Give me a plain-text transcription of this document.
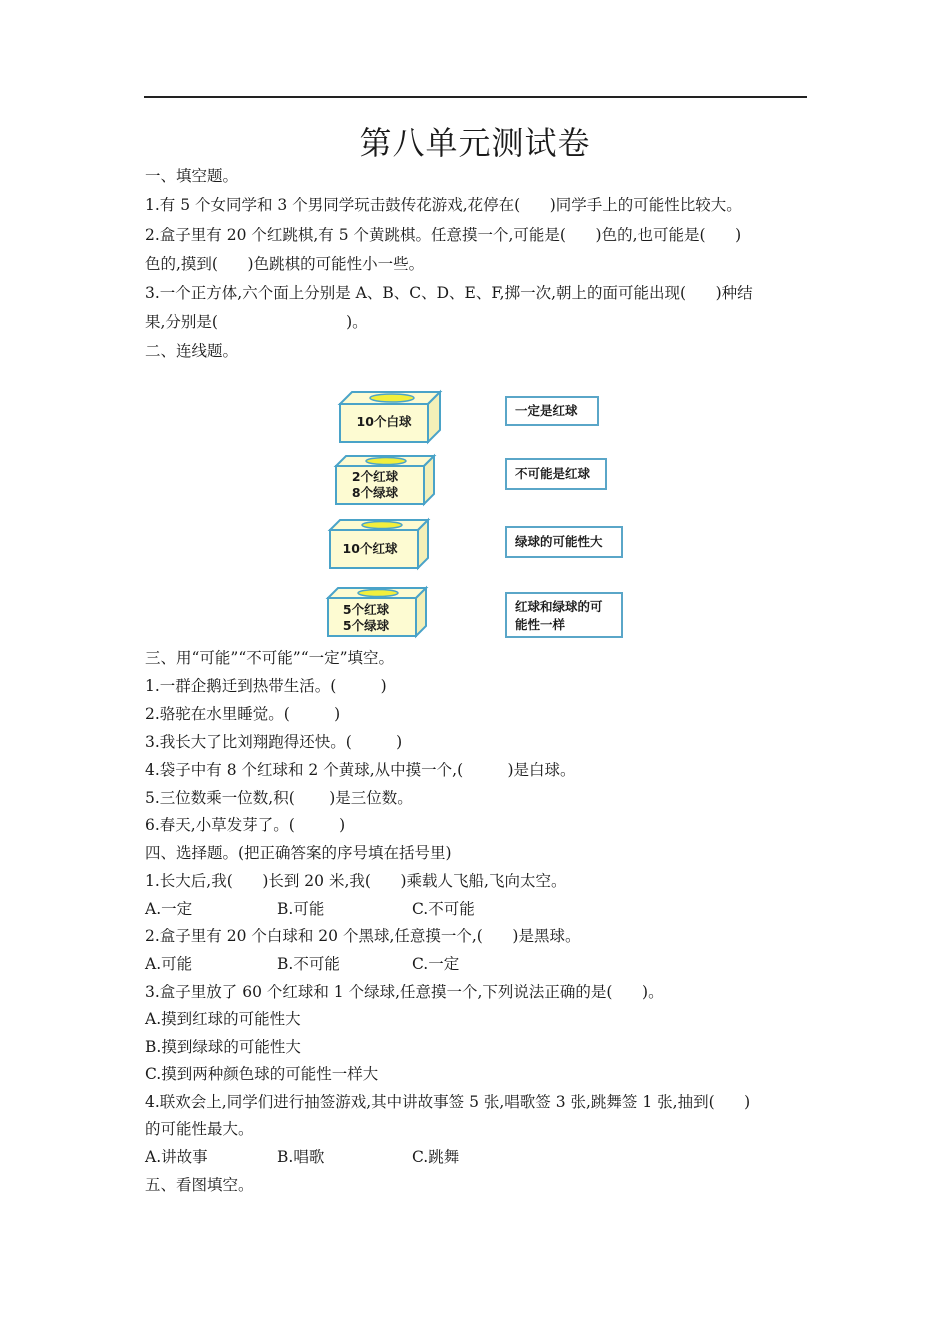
第八单元测试卷
一、填空题。
1.有 5 个女同学和 3 个男同学玩击鼓传花游戏,花停在(      )同学手上的可能性比较大。
2.盒子里有 20 个红跳棋,有 5 个黄跳棋。任意摸一个,可能是(      )色的,也可能是(      )
色的,摸到(      )色跳棋的可能性小一些。
3.一个正方体,六个面上分别是 A、B、C、D、E、F,掷一次,朝上的面可能出现(      )种结
果,分别是(                          )。
二、连线题。
10个白球
2个红球
8个绿球
10个红球
5个红球
5个绿球
一定是红球
不可能是红球
绿球的可能性大
红球和绿球的可
能性一样
三、用“可能”“不可能”“一定”填空。
1.一群企鹅迁到热带生活。(         )
2.骆驼在水里睡觉。(         )
3.我长大了比刘翔跑得还快。(         )
4.袋子中有 8 个红球和 2 个黄球,从中摸一个,(         )是白球。
5.三位数乘一位数,积(       )是三位数。
6.春天,小草发芽了。(         )
四、选择题。(把正确答案的序号填在括号里)
1.长大后,我(      )长到 20 米,我(      )乘载人飞船,飞向太空。
A.一定	B.可能	C.不可能
2.盒子里有 20 个白球和 20 个黑球,任意摸一个,(      )是黑球。
A.可能	B.不可能	C.一定
3.盒子里放了 60 个红球和 1 个绿球,任意摸一个,下列说法正确的是(      )。
A.摸到红球的可能性大
B.摸到绿球的可能性大
C.摸到两种颜色球的可能性一样大
4.联欢会上,同学们进行抽签游戏,其中讲故事签 5 张,唱歌签 3 张,跳舞签 1 张,抽到(      )
的可能性最大。
A.讲故事	B.唱歌	C.跳舞
五、看图填空。
